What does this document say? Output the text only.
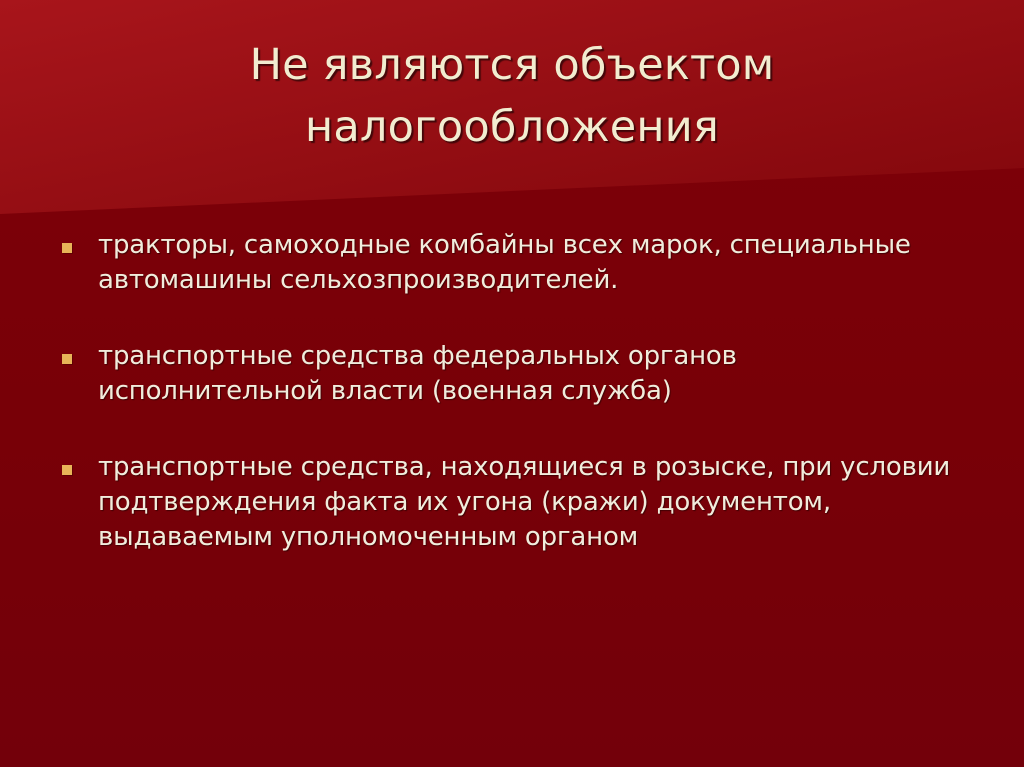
Не являются объектом налогообложения
тракторы, самоходные комбайны всех марок, специальные автомашины сельхозпроизводителей.
транспортные средства федеральных органов исполнительной власти (военная служба)
транспортные средства, находящиеся в розыске, при условии подтверждения факта их угона (кражи) документом, выдаваемым уполномоченным органом
